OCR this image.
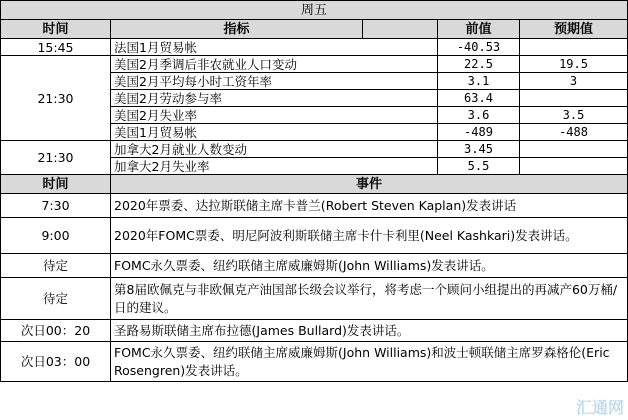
周五				
时间	指标		前值	预期值
15:45	法国1月贸易帐		-40.53	
21:30	美国2月季调后非农就业人口变动		22.5	19.5
	美国2月平均每小时工资年率		3.1	3
	美国2月劳动参与率		63.4	
	美国2月失业率		3.6	3.5
	美国1月贸易帐		-489	-488
21:30	加拿大2月就业人数变动		3.45	
	加拿大2月失业率		5.5	
时间	事件			
7:30	2020年票委、达拉斯联储主席卡普兰(Robert Steven Kaplan)发表讲话			
9:00	2020年FOMC票委、明尼阿波利斯联储主席卡什卡利里(Neel Kashkari)发表讲话。			
待定	FOMC永久票委、纽约联储主席威廉姆斯(John Williams)发表讲话。			
待定	第8届欧佩克与非欧佩克产油国部长级会议举行，将考虑一个顾问小组提出的再减产60万桶/日的建议。			
次日00：20	圣路易斯联储主席布拉德(James Bullard)发表讲话。			
次日03：00	FOMC永久票委、纽约联储主席威廉姆斯(John Williams)和波士顿联储主席罗森格伦(Eric Rosengren)发表讲话。			
汇通网
